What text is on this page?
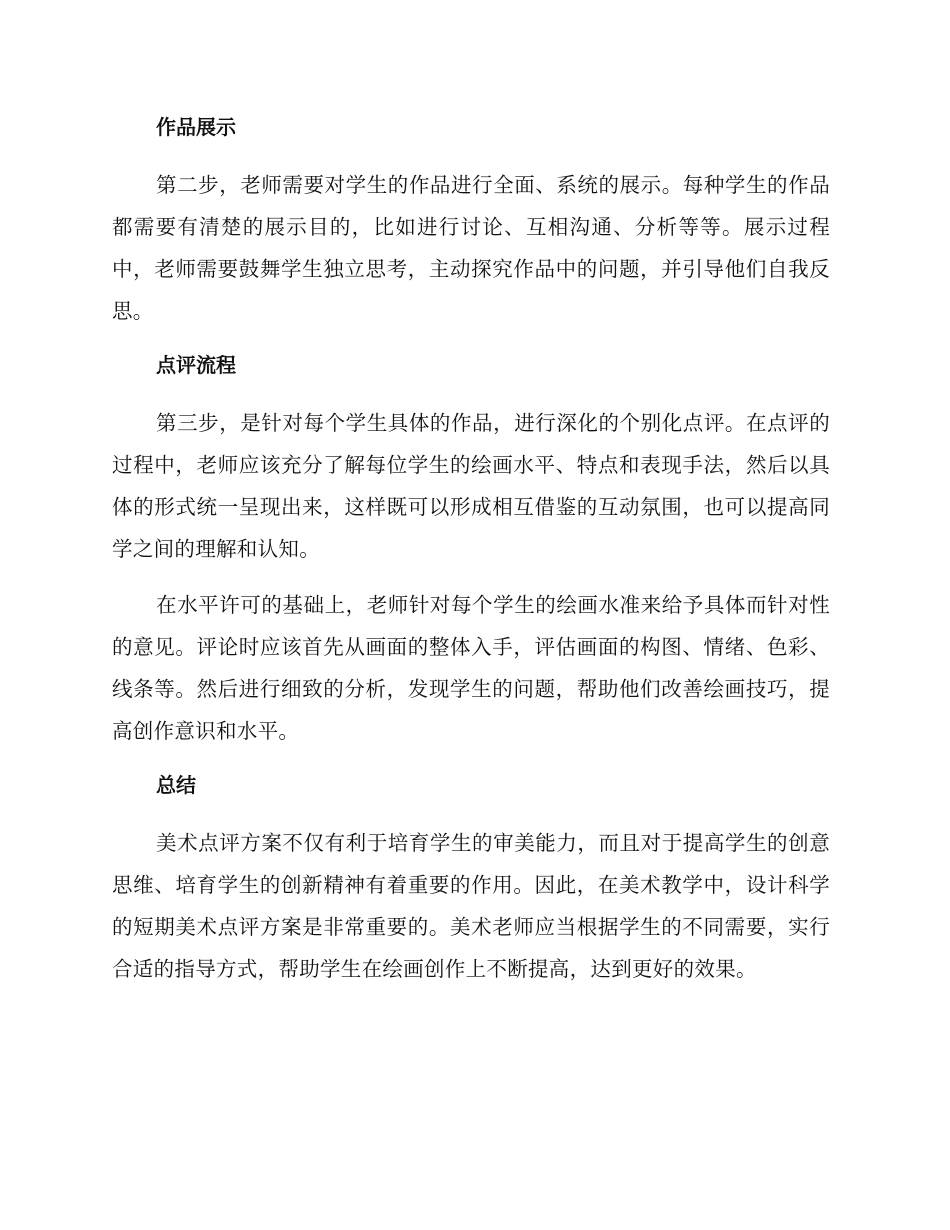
作品展示

第二步，老师需要对学生的作品进行全面、系统的展示。每种学生的作品都需要有清楚的展示目的，比如进行讨论、互相沟通、分析等等。展示过程中，老师需要鼓舞学生独立思考，主动探究作品中的问题，并引导他们自我反思。

点评流程

第三步，是针对每个学生具体的作品，进行深化的个别化点评。在点评的过程中，老师应该充分了解每位学生的绘画水平、特点和表现手法，然后以具体的形式统一呈现出来，这样既可以形成相互借鉴的互动氛围，也可以提高同学之间的理解和认知。

在水平许可的基础上，老师针对每个学生的绘画水准来给予具体而针对性的意见。评论时应该首先从画面的整体入手，评估画面的构图、情绪、色彩、线条等。然后进行细致的分析，发现学生的问题，帮助他们改善绘画技巧，提高创作意识和水平。

总结

美术点评方案不仅有利于培育学生的审美能力，而且对于提高学生的创意思维、培育学生的创新精神有着重要的作用。因此，在美术教学中，设计科学的短期美术点评方案是非常重要的。美术老师应当根据学生的不同需要，实行合适的指导方式，帮助学生在绘画创作上不断提高，达到更好的效果。
